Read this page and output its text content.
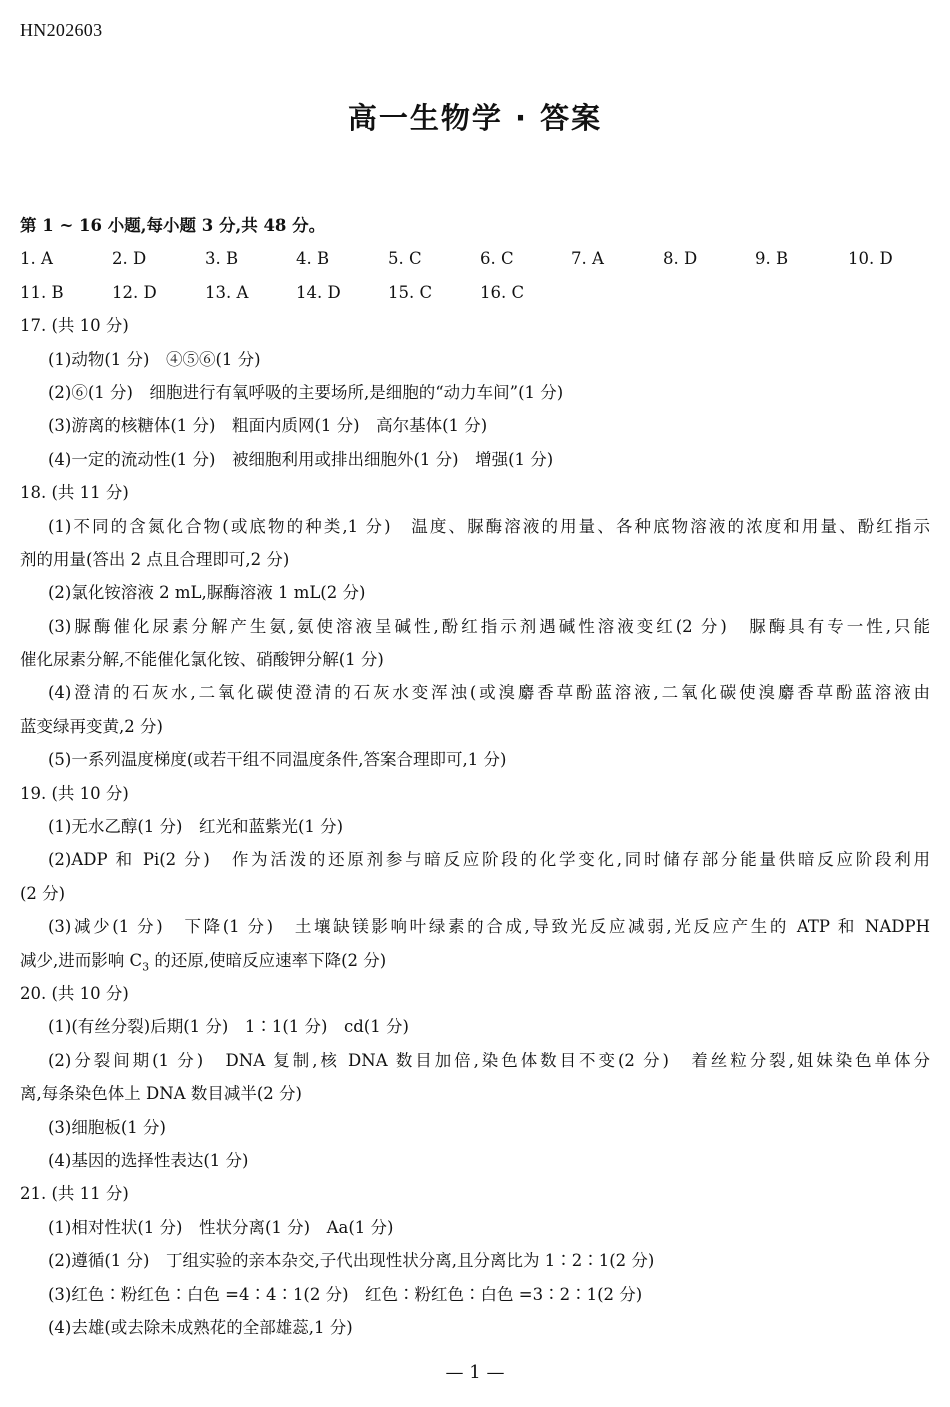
HN202603
高一生物学 · 答案
第 1 ~ 16 小题,每小题 3 分,共 48 分。
1. A	2. D	3. B	4. B	5. C	6. C	7. A	8. D	9. B	10. D
11. B	12. D	13. A	14. D	15. C	16. C
17. (共 10 分)
(1)动物(1 分)　④⑤⑥(1 分)
(2)⑥(1 分)　细胞进行有氧呼吸的主要场所,是细胞的“动力车间”(1 分)
(3)游离的核糖体(1 分)　粗面内质网(1 分)　高尔基体(1 分)
(4)一定的流动性(1 分)　被细胞利用或排出细胞外(1 分)　增强(1 分)
18. (共 11 分)
(1)不同的含氮化合物(或底物的种类,1 分)　温度、脲酶溶液的用量、各种底物溶液的浓度和用量、酚红指示
剂的用量(答出 2 点且合理即可,2 分)
(2)氯化铵溶液 2 mL,脲酶溶液 1 mL(2 分)
(3)脲酶催化尿素分解产生氨,氨使溶液呈碱性,酚红指示剂遇碱性溶液变红(2 分)　脲酶具有专一性,只能
催化尿素分解,不能催化氯化铵、硝酸钾分解(1 分)
(4)澄清的石灰水,二氧化碳使澄清的石灰水变浑浊(或溴麝香草酚蓝溶液,二氧化碳使溴麝香草酚蓝溶液由
蓝变绿再变黄,2 分)
(5)一系列温度梯度(或若干组不同温度条件,答案合理即可,1 分)
19. (共 10 分)
(1)无水乙醇(1 分)　红光和蓝紫光(1 分)
(2)ADP 和 Pi(2 分)　作为活泼的还原剂参与暗反应阶段的化学变化,同时储存部分能量供暗反应阶段利用
(2 分)
(3)减少(1 分)　下降(1 分)　土壤缺镁影响叶绿素的合成,导致光反应减弱,光反应产生的 ATP 和 NADPH
减少,进而影响 $C_3$ 的还原,使暗反应速率下降(2 分)
20. (共 10 分)
(1)(有丝分裂)后期(1 分)　1∶1(1 分)　cd(1 分)
(2)分裂间期(1 分)　DNA 复制,核 DNA 数目加倍,染色体数目不变(2 分)　着丝粒分裂,姐妹染色单体分
离,每条染色体上 DNA 数目减半(2 分)
(3)细胞板(1 分)
(4)基因的选择性表达(1 分)
21. (共 11 分)
(1)相对性状(1 分)　性状分离(1 分)　Aa(1 分)
(2)遵循(1 分)　丁组实验的亲本杂交,子代出现性状分离,且分离比为 1∶2∶1(2 分)
(3)红色∶粉红色∶白色 =4∶4∶1(2 分)　红色∶粉红色∶白色 =3∶2∶1(2 分)
(4)去雄(或去除未成熟花的全部雄蕊,1 分)
— 1 —
